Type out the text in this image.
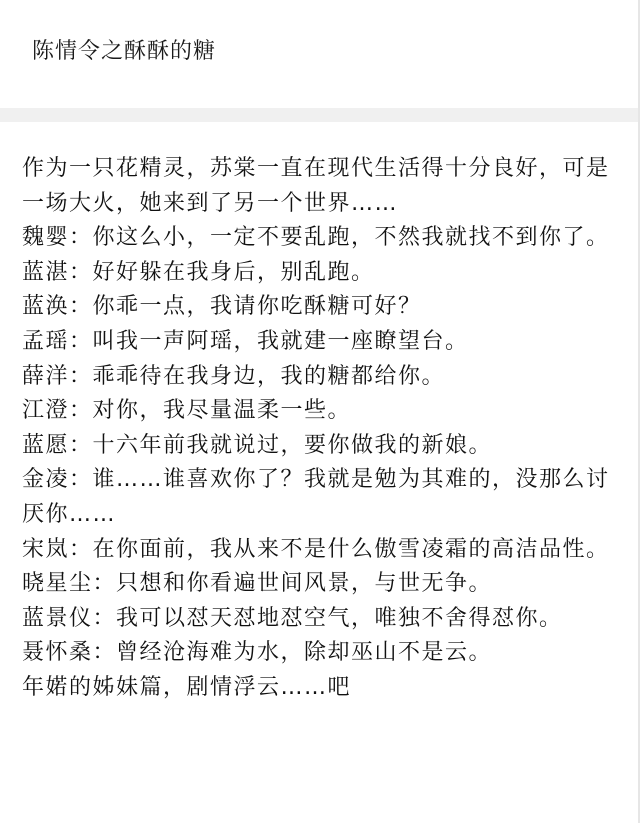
陈情令之酥酥的糖

作为一只花精灵，苏棠一直在现代生活得十分良好，可是一场大火，她来到了另一个世界……

魏婴：你这么小，一定不要乱跑，不然我就找不到你了。

蓝湛：好好躲在我身后，别乱跑。

蓝涣：你乖一点，我请你吃酥糖可好？

孟瑶：叫我一声阿瑶，我就建一座瞭望台。

薛洋：乖乖待在我身边，我的糖都给你。

江澄：对你，我尽量温柔一些。

蓝愿：十六年前我就说过，要你做我的新娘。

金凌：谁……谁喜欢你了？我就是勉为其难的，没那么讨厌你……

宋岚：在你面前，我从来不是什么傲雪凌霜的高洁品性。

晓星尘：只想和你看遍世间风景，与世无争。

蓝景仪：我可以怼天怼地怼空气，唯独不舍得怼你。

聂怀桑：曾经沧海难为水，除却巫山不是云。

年婼的姊妹篇，剧情浮云……吧
